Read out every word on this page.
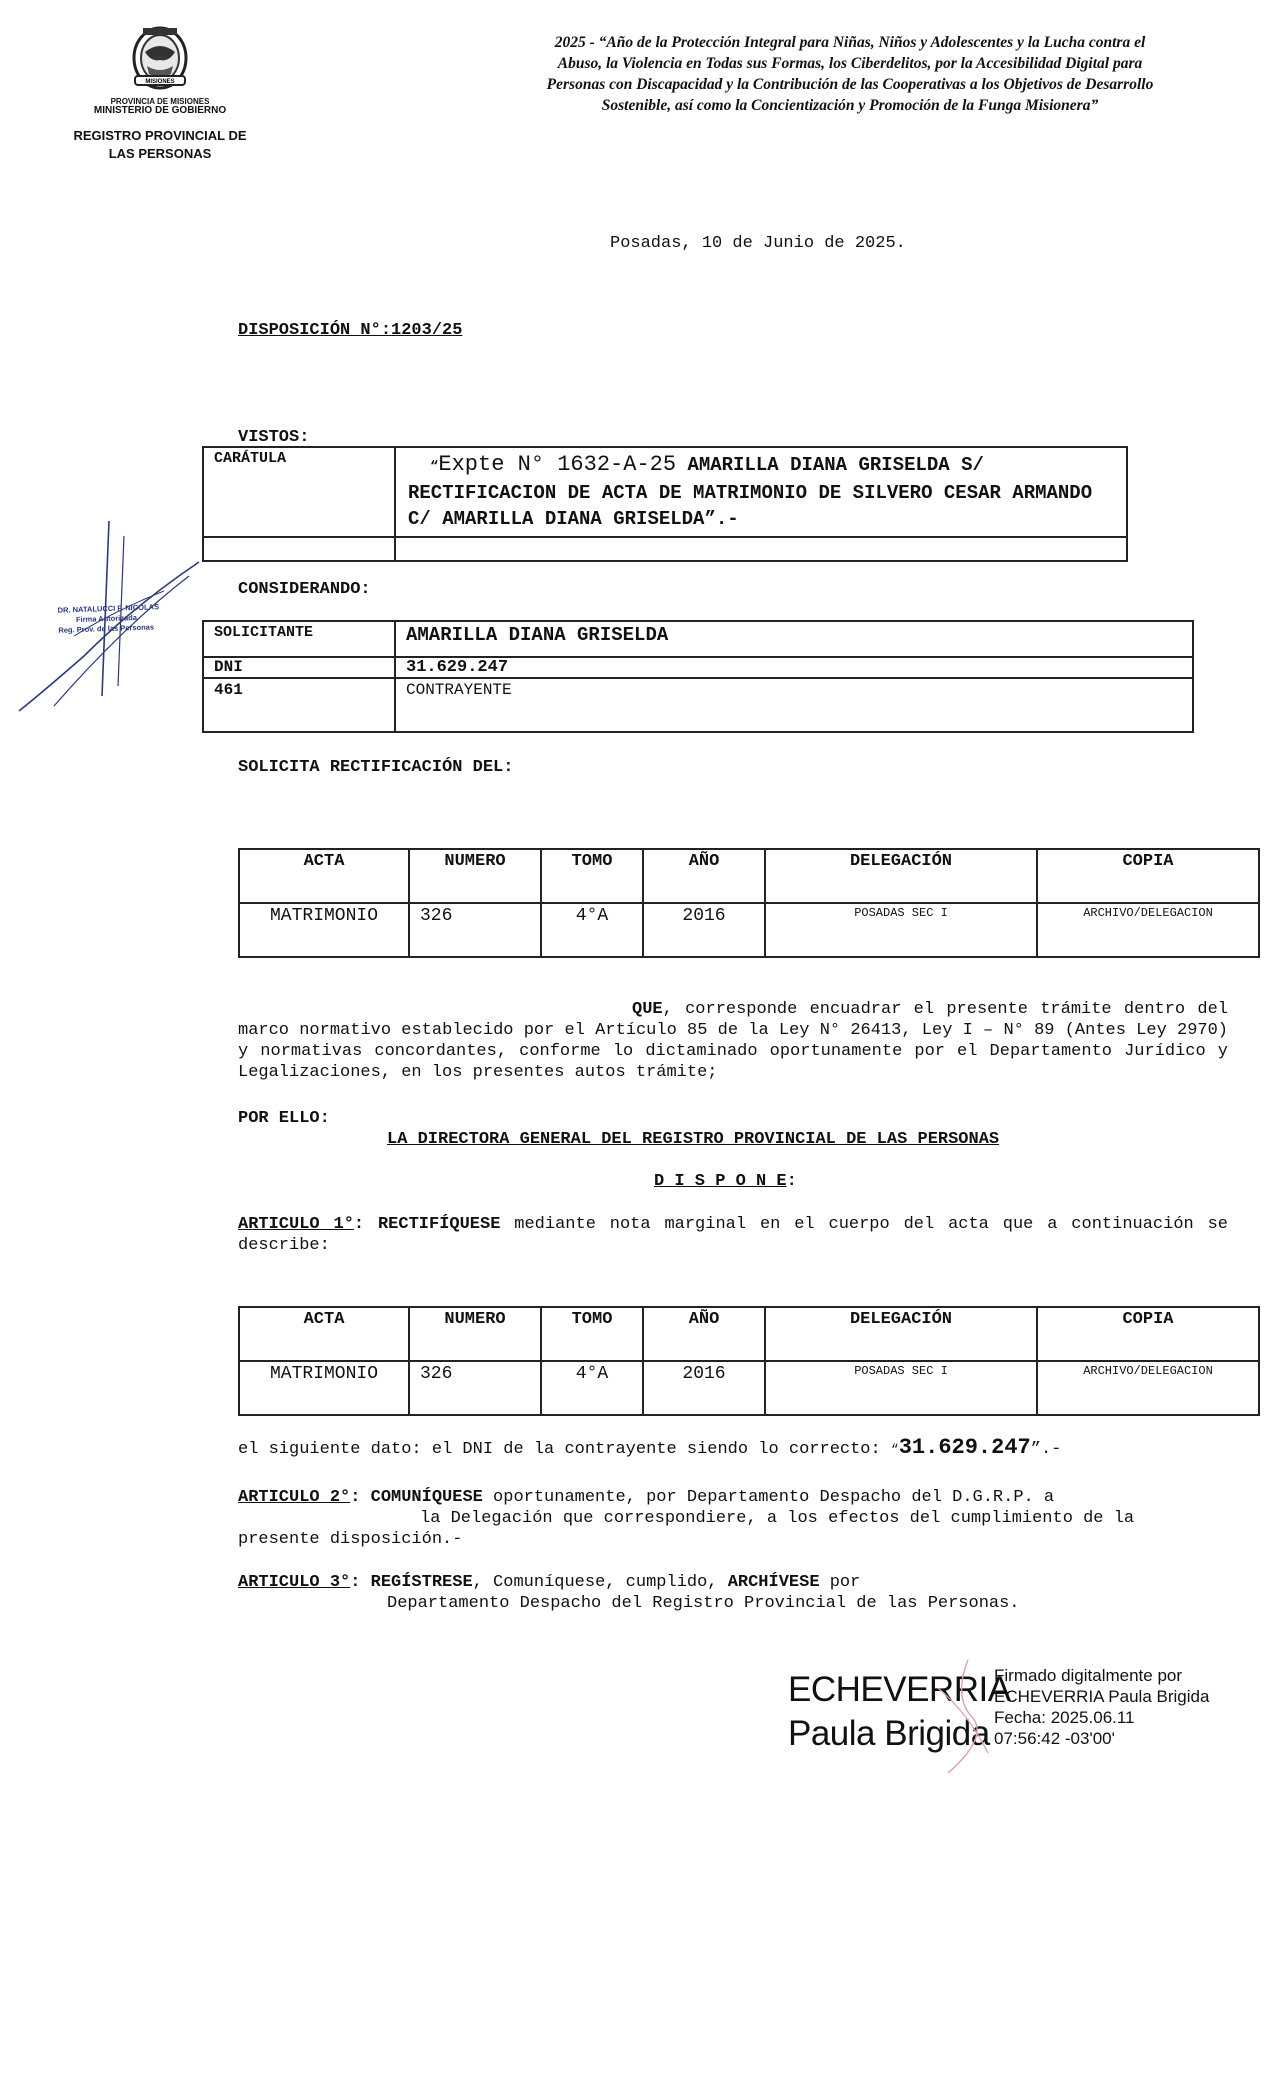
MISIONES
PROVINCIA DE MISIONES
MINISTERIO DE GOBIERNO
REGISTRO PROVINCIAL DE
LAS PERSONAS
2025 - “Año de la Protección Integral para Niñas, Niños y Adolescentes y la Lucha contra el Abuso, la Violencia en Todas sus Formas, los Ciberdelitos, por la Accesibilidad Digital para Personas con Discapacidad y la Contribución de las Cooperativas a los Objetivos de Desarrollo Sostenible, así como la Concientización y Promoción de la Funga Misionera”
Posadas, 10 de Junio de 2025.
DISPOSICIÓN N°:1203/25
VISTOS:
CARÁTULA	“Expte N° 1632-A-25 AMARILLA DIANA GRISELDA S/ RECTIFICACION DE ACTA DE MATRIMONIO DE SILVERO CESAR ARMANDO C/ AMARILLA DIANA GRISELDA”.-

CONSIDERANDO:
SOLICITANTE	AMARILLA DIANA GRISELDA
DNI	31.629.247
461	CONTRAYENTE
DR. NATALUCCI F. NICOLAS
Firma Autorizada
Reg. Prov. de las Personas
SOLICITA RECTIFICACIÓN DEL:
ACTA	NUMERO	TOMO	AÑO	DELEGACIÓN	COPIA
MATRIMONIO	326	4°A	2016	POSADAS SEC I	ARCHIVO/DELEGACION
QUE, corresponde encuadrar el presente trámite dentro del marco normativo establecido por el Artículo 85 de la Ley N° 26413, Ley I – N° 89 (Antes Ley 2970) y normativas concordantes, conforme lo dictaminado oportunamente por el Departamento Jurídico y Legalizaciones, en los presentes autos trámite;
POR ELLO:
LA DIRECTORA GENERAL DEL REGISTRO PROVINCIAL DE LAS PERSONAS
D I S P O N E:
ARTICULO 1°: RECTIFÍQUESE mediante nota marginal en el cuerpo del acta que a continuación se describe:
ACTA	NUMERO	TOMO	AÑO	DELEGACIÓN	COPIA
MATRIMONIO	326	4°A	2016	POSADAS SEC I	ARCHIVO/DELEGACION
el siguiente dato: el DNI de la contrayente siendo lo correcto: “31.629.247”.-
ARTICULO 2°: COMUNÍQUESE oportunamente, por Departamento Despacho del D.G.R.P. a
la Delegación que correspondiere, a los efectos del cumplimiento de la
presente disposición.-
ARTICULO 3°: REGÍSTRESE, Comuníquese, cumplido, ARCHÍVESE por
Departamento Despacho del Registro Provincial de las Personas.
ECHEVERRIA
Paula Brigida
Firmado digitalmente por
ECHEVERRIA Paula Brigida
Fecha: 2025.06.11
07:56:42 -03'00'
